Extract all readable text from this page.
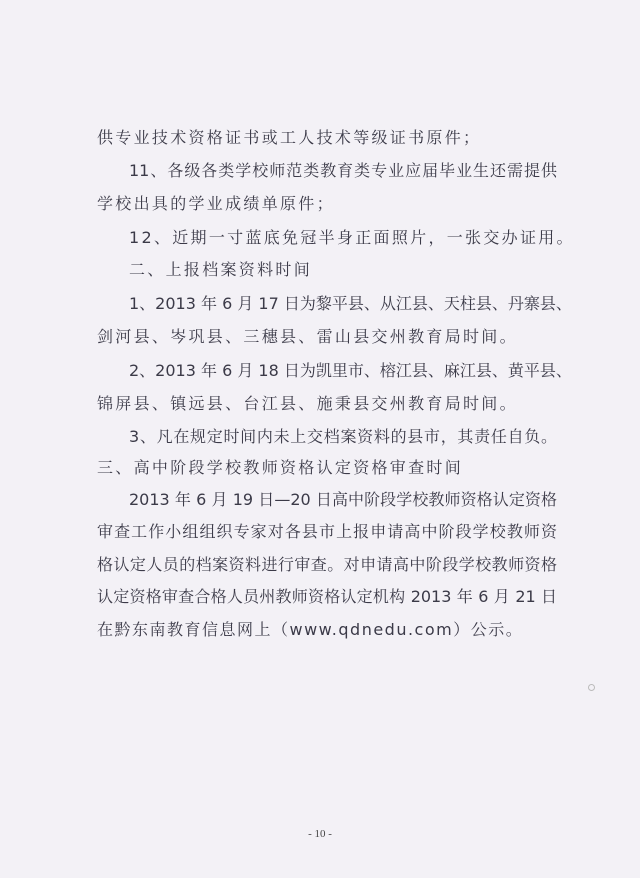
供专业技术资格证书或工人技术等级证书原件；
11、各级各类学校师范类教育类专业应届毕业生还需提供
学校出具的学业成绩单原件；
12、近期一寸蓝底免冠半身正面照片，一张交办证用。
二、上报档案资料时间
1、2013 年 6 月 17 日为黎平县、从江县、天柱县、丹寨县、
剑河县、岑巩县、三穗县、雷山县交州教育局时间。
2、2013 年 6 月 18 日为凯里市、榕江县、麻江县、黄平县、
锦屏县、镇远县、台江县、施秉县交州教育局时间。
3、凡在规定时间内未上交档案资料的县市，其责任自负。
三、高中阶段学校教师资格认定资格审查时间
2013 年 6 月 19 日—20 日高中阶段学校教师资格认定资格
审查工作小组组织专家对各县市上报申请高中阶段学校教师资
格认定人员的档案资料进行审查。对申请高中阶段学校教师资格
认定资格审查合格人员州教师资格认定机构 2013 年 6 月 21 日
在黔东南教育信息网上（www.qdnedu.com）公示。
- 10 -
